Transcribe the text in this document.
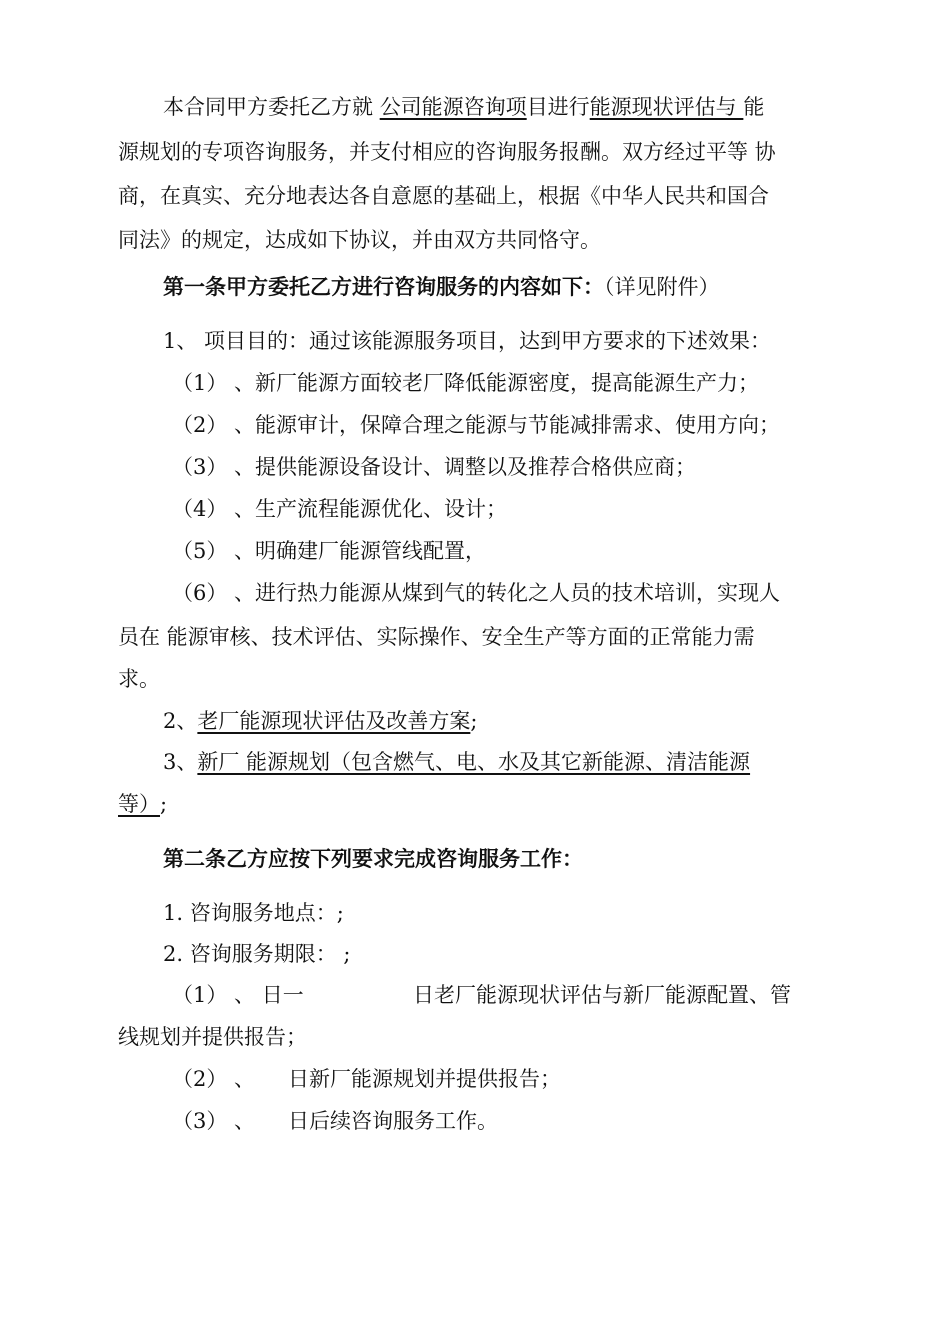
本合同甲方委托乙方就 公司能源咨询项目进行能源现状评估与 能
源规划的专项咨询服务，并支付相应的咨询服务报酬。双方经过平等 协
商，在真实、充分地表达各自意愿的基础上，根据《中华人民共和国合
同法》的规定，达成如下协议，并由双方共同恪守。
第一条甲方委托乙方进行咨询服务的内容如下：（详见附件）
1、 项目目的：通过该能源服务项目，达到甲方要求的下述效果：
（1） 、新厂能源方面较老厂降低能源密度，提高能源生产力；
（2） 、能源审计，保障合理之能源与节能减排需求、使用方向；
（3） 、提供能源设备设计、调整以及推荐合格供应商；
（4） 、生产流程能源优化、设计；
（5） 、明确建厂能源管线配置，
（6） 、进行热力能源从煤到气的转化之人员的技术培训，实现人
员在 能源审核、技术评估、实际操作、安全生产等方面的正常能力需
求。
2、老厂能源现状评估及改善方案;
3、新厂 能源规划（包含燃气、电、水及其它新能源、清洁能源
等）;
第二条乙方应按下列要求完成咨询服务工作：
1. 咨询服务地点：;
2. 咨询服务期限： ;
（1） 、 日一	日老厂能源现状评估与新厂能源配置、管
线规划并提供报告；
（2） 、 日新厂能源规划并提供报告；
（3） 、 日后续咨询服务工作。
